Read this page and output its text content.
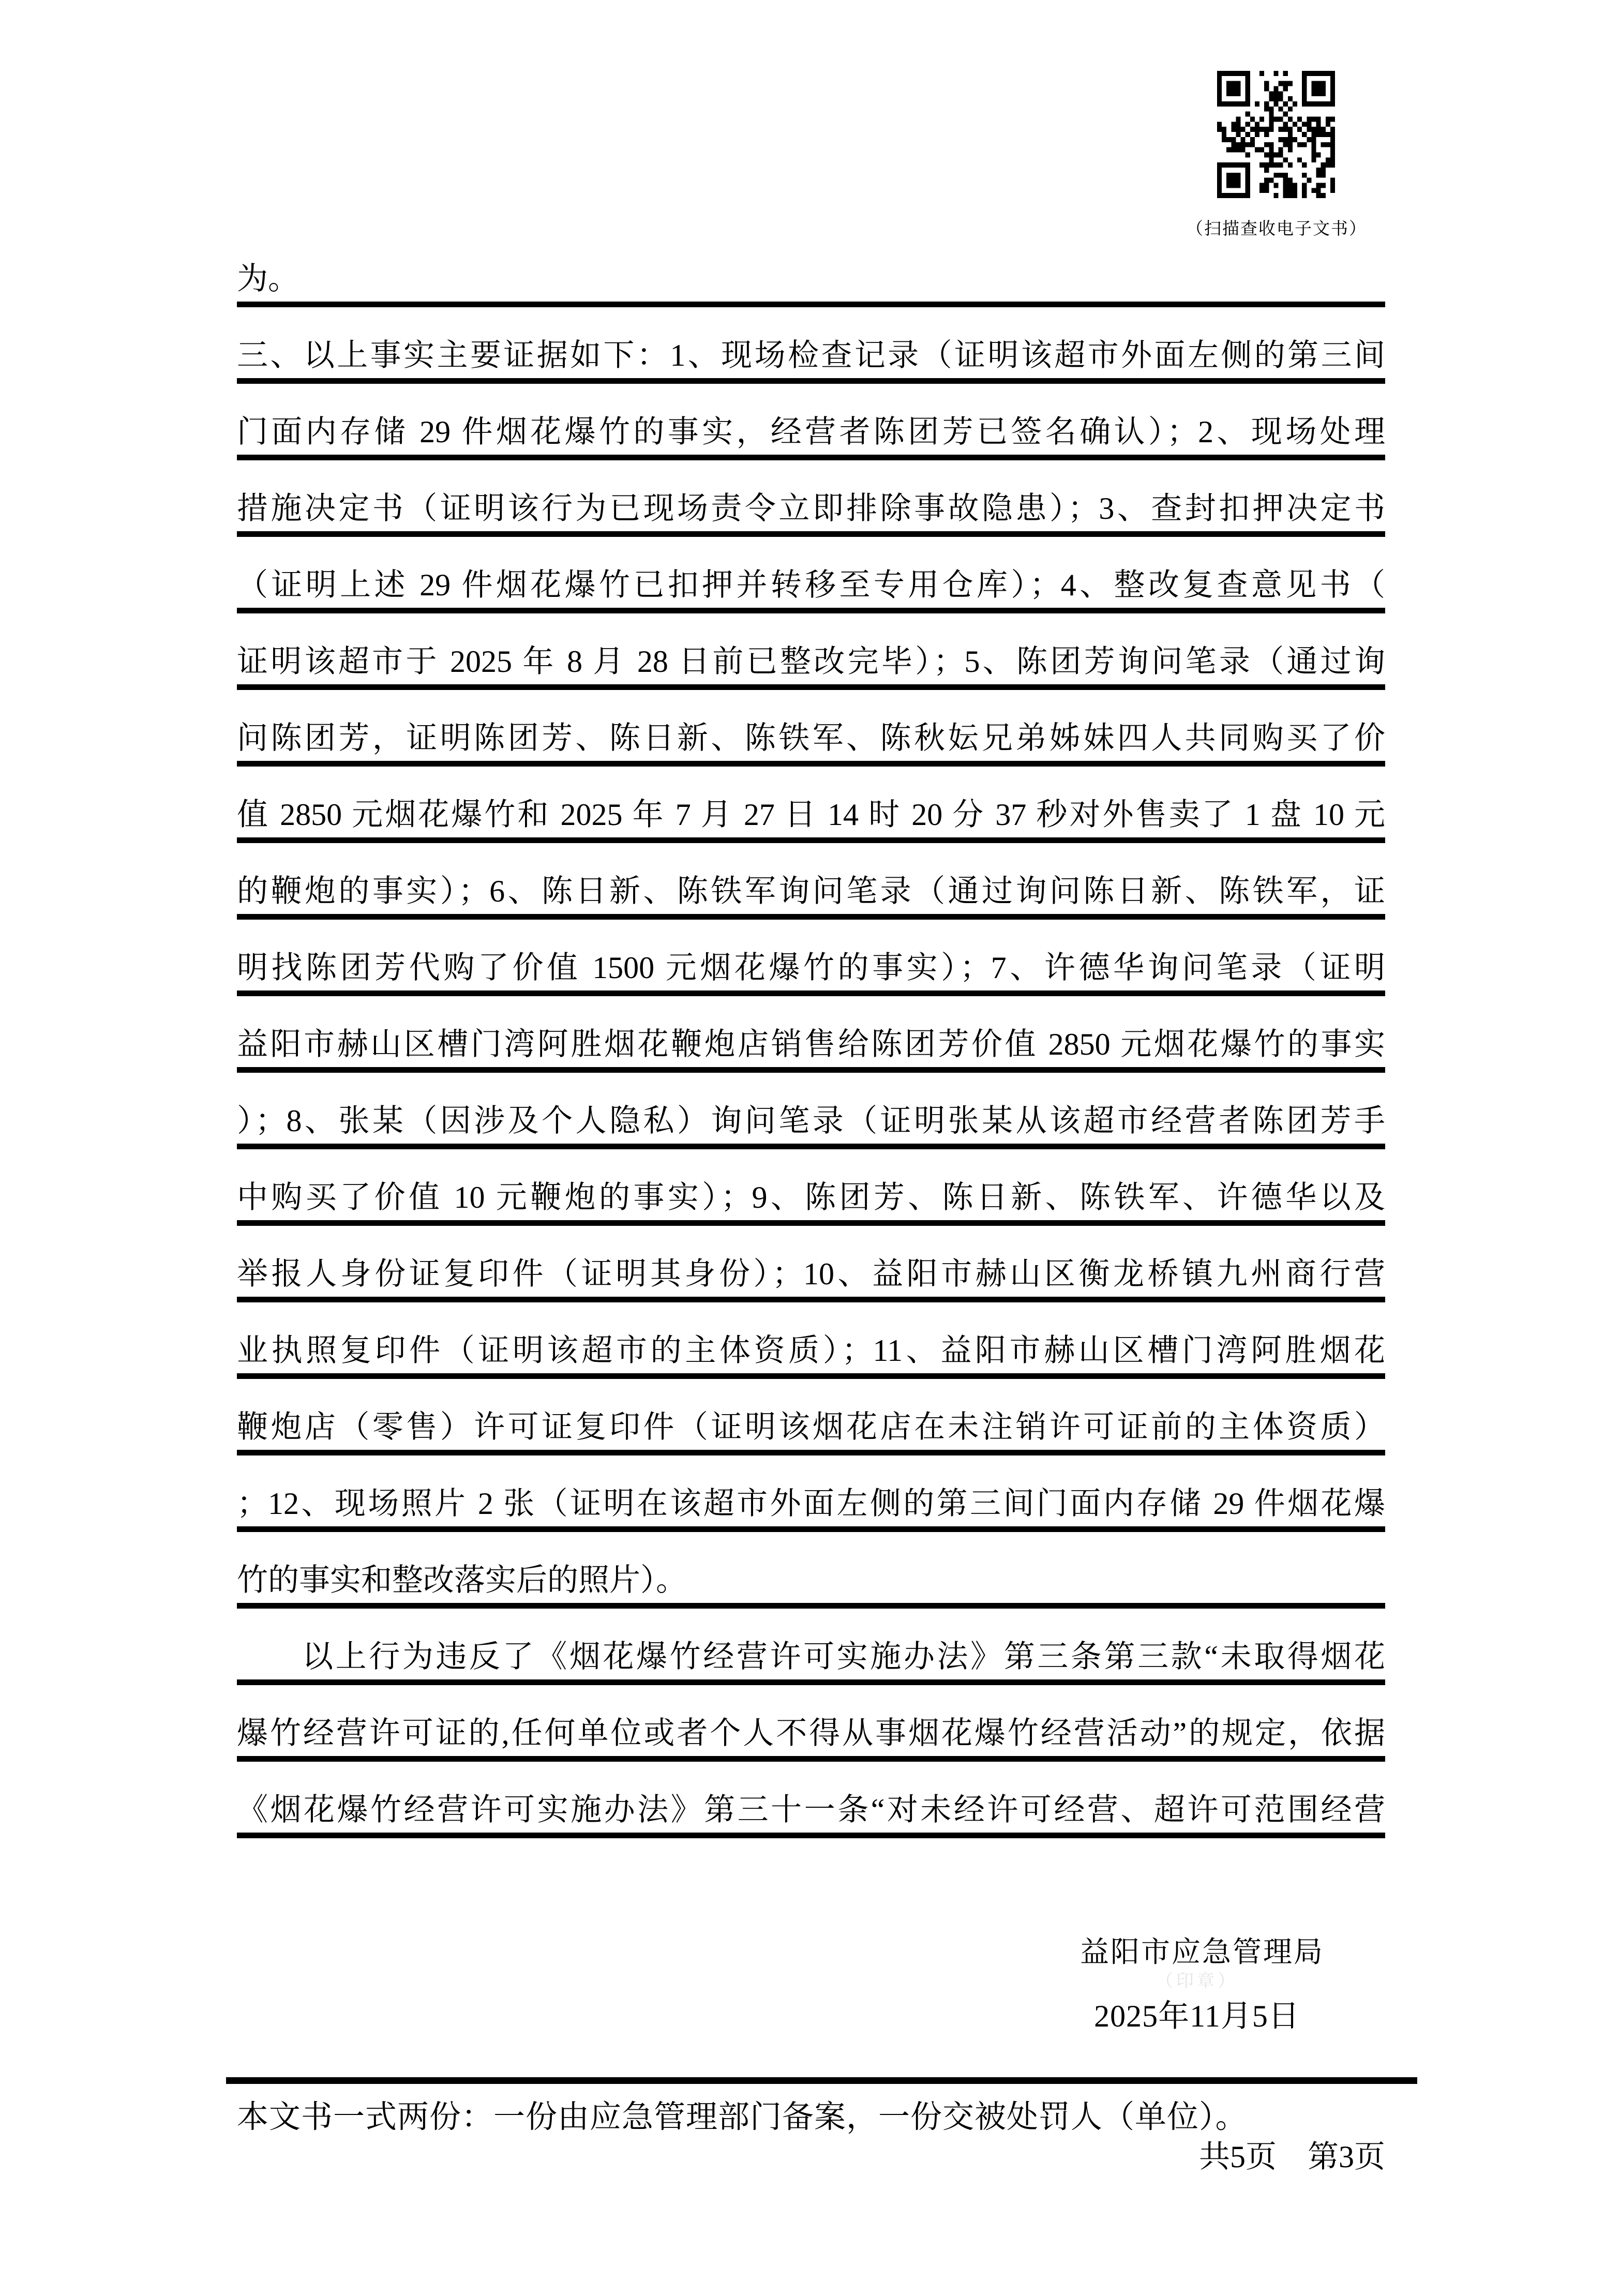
（扫描查收电子文书）
为。
三、以上事实主要证据如下：1、现场检查记录（证明该超市外面左侧的第三间
门面内存储 29 件烟花爆竹的事实，经营者陈团芳已签名确认）；2、现场处理
措施决定书（证明该行为已现场责令立即排除事故隐患）；3、查封扣押决定书
（证明上述 29 件烟花爆竹已扣押并转移至专用仓库）；4、整改复查意见书（
证明该超市于 2025 年 8 月 28 日前已整改完毕）；5、陈团芳询问笔录（通过询
问陈团芳，证明陈团芳、陈日新、陈铁军、陈秋妘兄弟姊妹四人共同购买了价
值 2850 元烟花爆竹和 2025 年 7 月 27 日 14 时 20 分 37 秒对外售卖了 1 盘 10 元
的鞭炮的事实）；6、陈日新、陈铁军询问笔录（通过询问陈日新、陈铁军，证
明找陈团芳代购了价值 1500 元烟花爆竹的事实）；7、许德华询问笔录（证明
益阳市赫山区槽门湾阿胜烟花鞭炮店销售给陈团芳价值 2850 元烟花爆竹的事实
）；8、张某（因涉及个人隐私）询问笔录（证明张某从该超市经营者陈团芳手
中购买了价值 10 元鞭炮的事实）；9、陈团芳、陈日新、陈铁军、许德华以及
举报人身份证复印件（证明其身份）；10、益阳市赫山区衡龙桥镇九州商行营
业执照复印件（证明该超市的主体资质）；11、益阳市赫山区槽门湾阿胜烟花
鞭炮店（零售）许可证复印件（证明该烟花店在未注销许可证前的主体资质）
；12、现场照片 2 张（证明在该超市外面左侧的第三间门面内存储 29 件烟花爆
竹的事实和整改落实后的照片）。
以上行为违反了《烟花爆竹经营许可实施办法》第三条第三款“未取得烟花
爆竹经营许可证的,任何单位或者个人不得从事烟花爆竹经营活动”的规定，依据
《烟花爆竹经营许可实施办法》第三十一条“对未经许可经营、超许可范围经营
益阳市应急管理局
（印章）
2025年11月5日
本文书一式两份：一份由应急管理部门备案，一份交被处罚人（单位）。
共5页　第3页
